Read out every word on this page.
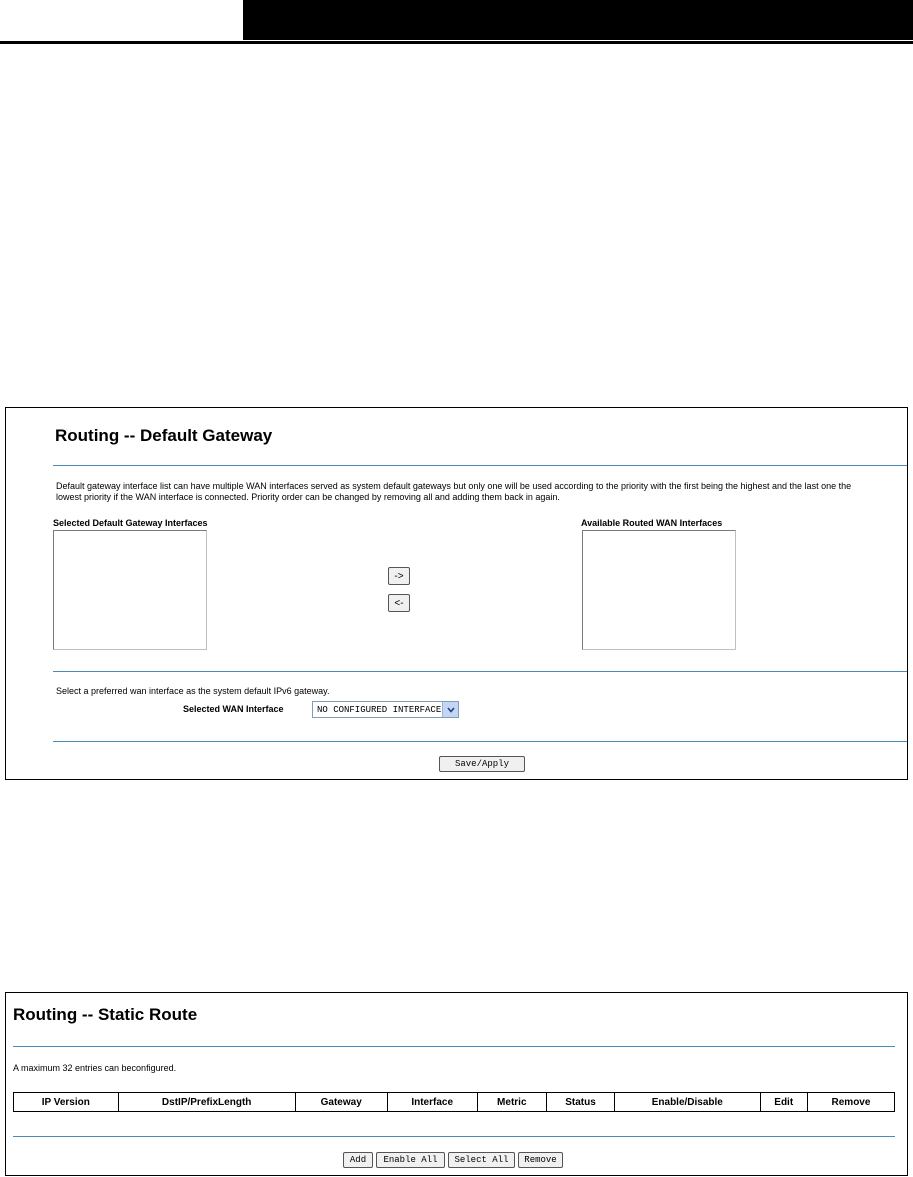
Routing -- Default Gateway
Default gateway interface list can have multiple WAN interfaces served as system default gateways but only one will be used according to the priority with the first being the highest and the last one the
lowest priority if the WAN interface is connected. Priority order can be changed by removing all and adding them back in again.
Selected Default Gateway Interfaces	Available Routed WAN Interfaces
->
<-
Select a preferred wan interface as the system default IPv6 gateway.
Selected WAN Interface	NO CONFIGURED INTERFACE
Save/Apply
Routing -- Static Route
A maximum 32 entries can beconfigured.
IP Version	DstIP/PrefixLength	Gateway	Interface	Metric	Status	Enable/Disable	Edit	Remove
Add	Enable All	Select All	Remove
